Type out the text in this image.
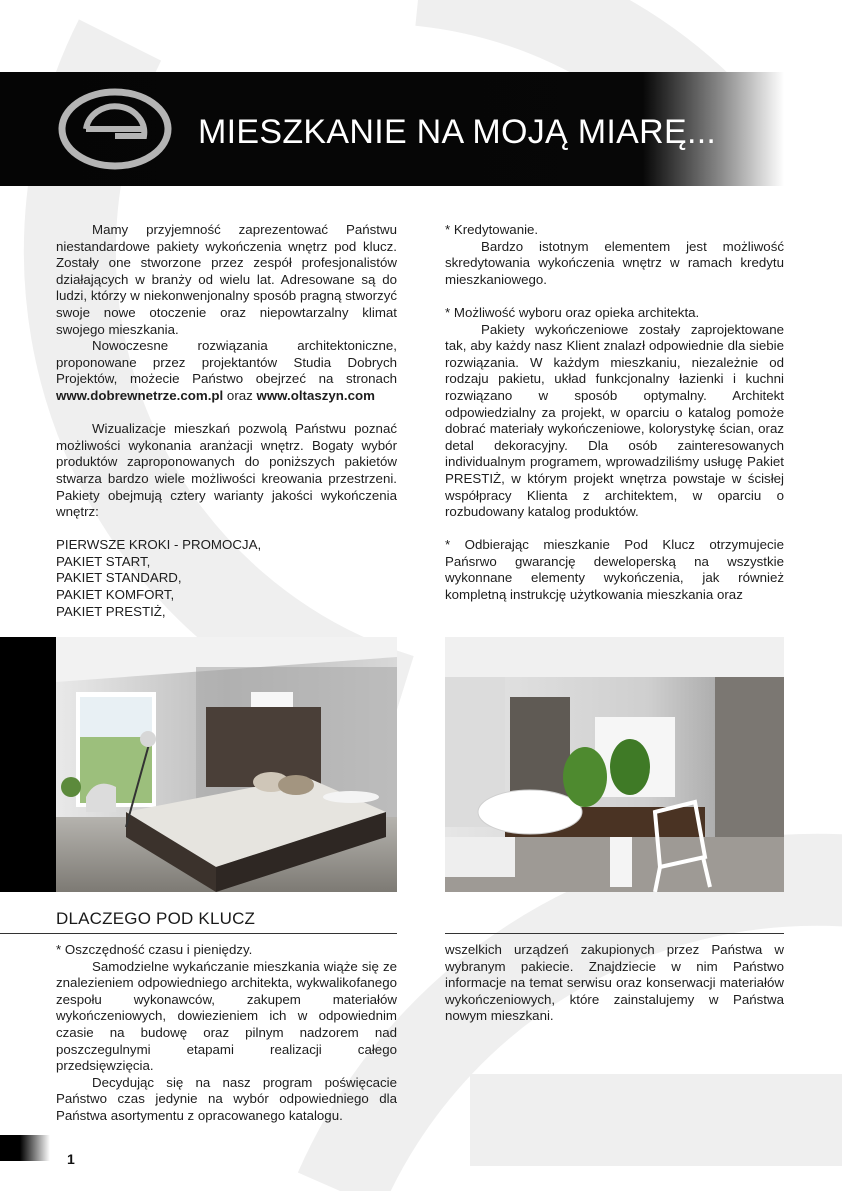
MIESZKANIE NA MOJĄ MIARĘ...

Mamy przyjemność zaprezentować Państwu niestandardowe pakiety wykończenia wnętrz pod klucz. Zostały one stworzone przez zespół profesjonalistów działających w branży od wielu lat. Adresowane są do ludzi, którzy w niekonwenjonalny sposób pragną stworzyć swoje nowe otoczenie oraz niepowtarzalny klimat swojego mieszkania.

Nowoczesne rozwiązania architektoniczne, proponowane przez projektantów Studia Dobrych Projektów, możecie Państwo obejrzeć na stronach www.dobrewnetrze.com.pl oraz www.oltaszyn.com

Wizualizacje mieszkań pozwolą Państwu poznać możliwości wykonania aranżacji wnętrz. Bogaty wybór produktów zaproponowanych do poniższych pakietów stwarza bardzo wiele możliwości kreowania przestrzeni. Pakiety obejmują cztery warianty jakości wykończenia wnętrz:

PIERWSZE KROKI - PROMOCJA,

PAKIET START,

PAKIET STANDARD,

PAKIET KOMFORT,

PAKIET PRESTIŻ,

* Kredytowanie.

Bardzo istotnym elementem jest możliwość skredytowania wykończenia wnętrz w ramach kredytu mieszkaniowego.

* Możliwość wyboru oraz opieka architekta.

Pakiety wykończeniowe zostały zaprojektowane tak, aby każdy nasz Klient znalazł odpowiednie dla siebie rozwiązania. W każdym mieszkaniu, niezależnie od rodzaju pakietu, układ funkcjonalny łazienki i kuchni rozwiązano w sposób optymalny. Architekt odpowiedzialny za projekt, w oparciu o katalog pomoże dobrać materiały wykończeniowe, kolorystykę ścian, oraz detal dekoracyjny. Dla osób zainteresowanych individualnym programem, wprowadziliśmy usługę Pakiet PRESTIŻ, w którym projekt wnętrza powstaje w ścisłej współpracy Klienta z architektem, w oparciu o rozbudowany katalog produktów.

* Odbierając mieszkanie Pod Klucz otrzymujecie Pańsrwo gwarancję deweloperską na wszystkie wykonnane elementy wykończenia, jak również kompletną instrukcję użytkowania mieszkania oraz

DLACZEGO POD KLUCZ

* Oszczędność czasu i pieniędzy.

Samodzielne wykańczanie mieszkania wiąże się ze znalezieniem odpowiedniego architekta, wykwalikofanego zespołu wykonawców, zakupem materiałów wykończeniowych, dowiezieniem ich w odpowiednim czasie na budowę oraz pilnym nadzorem nad poszczegulnymi etapami realizacji całego przedsięwzięcia.

Decydując się na nasz program poświęcacie Państwo czas jedynie na wybór odpowiedniego dla Państwa asortymentu z opracowanego katalogu.

wszelkich urządzeń zakupionych przez Państwa w wybranym pakiecie. Znajdziecie w nim Państwo informacje na temat serwisu oraz konserwacji materiałów wykończeniowych, które zainstalujemy w Państwa nowym mieszkani.

1
